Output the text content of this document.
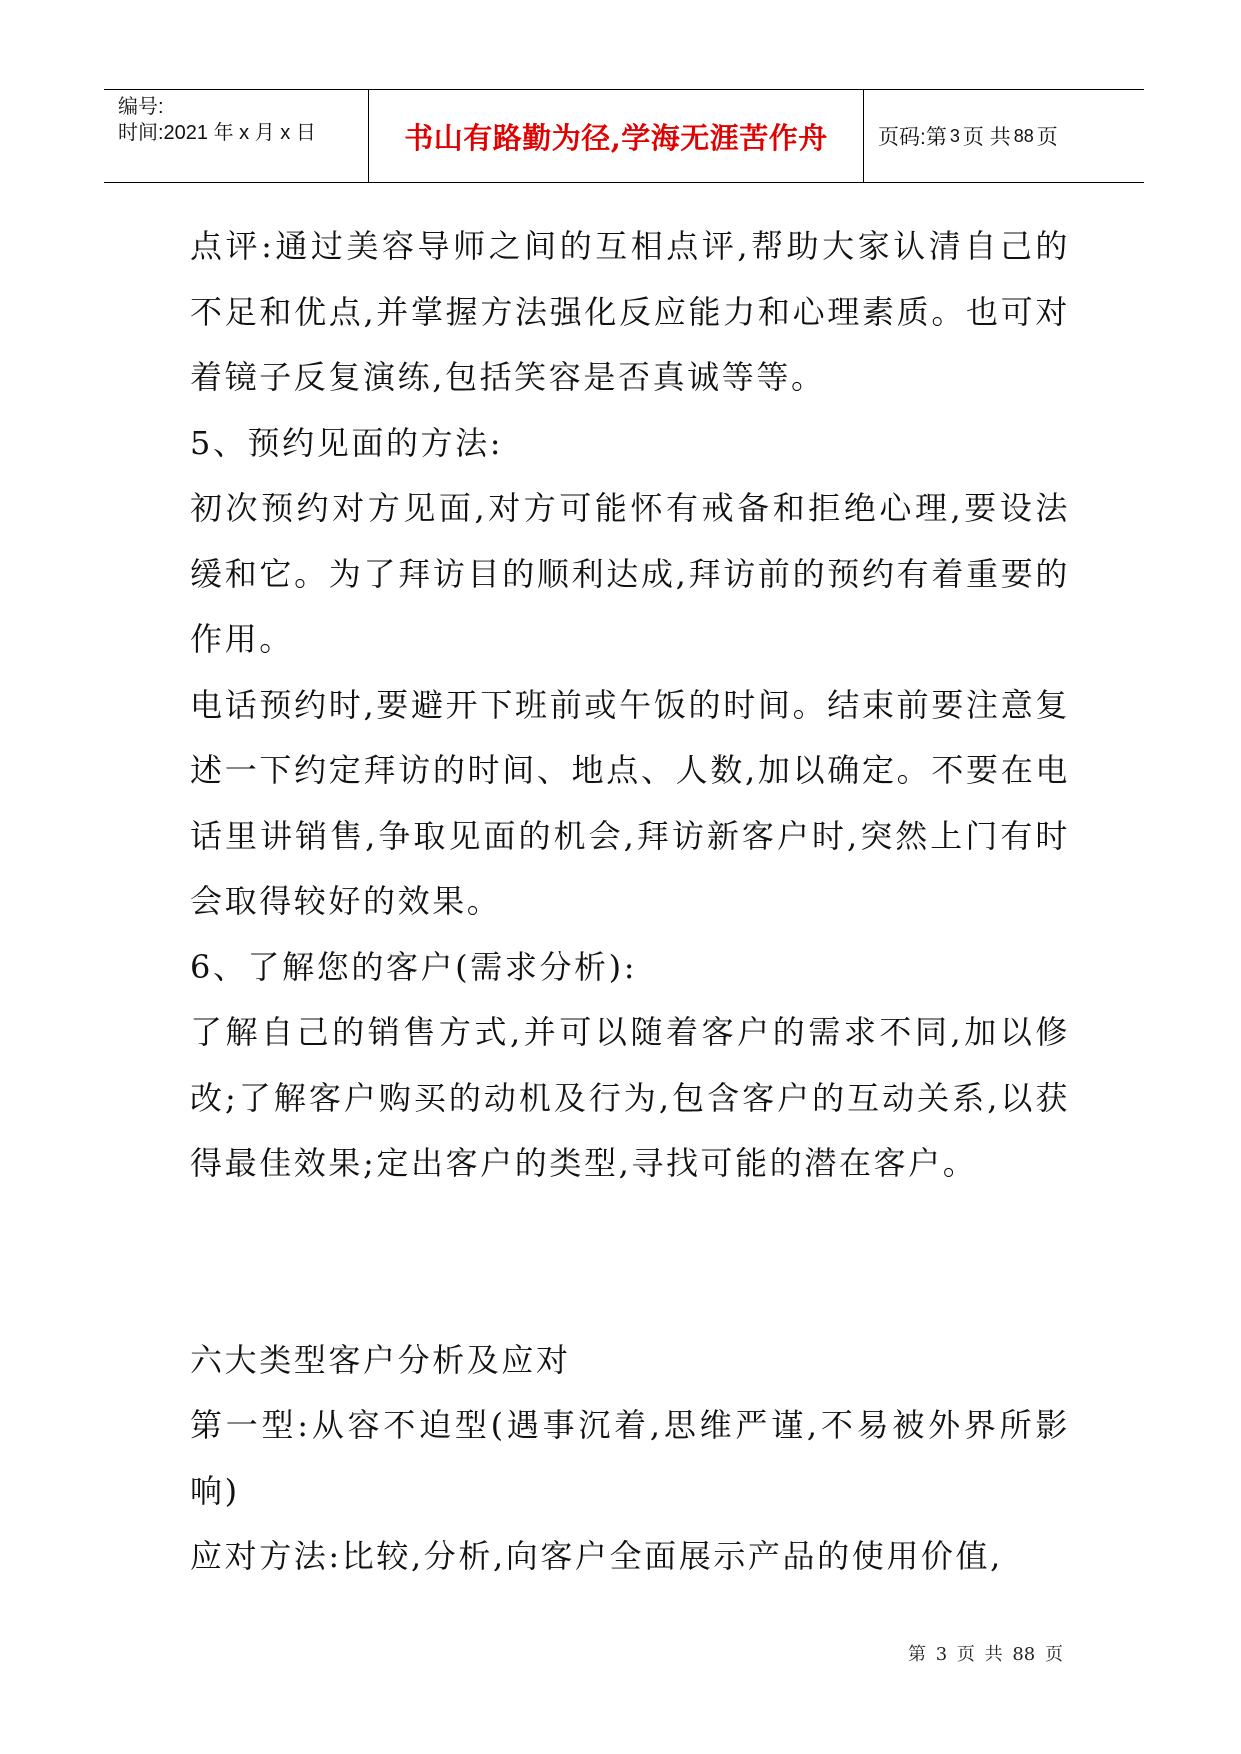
编号:
时间:2021 年 x 月 x 日	书山有路勤为径,学海无涯苦作舟 页码:第 3 页 共 88 页

点评:通过美容导师之间的互相点评,帮助大家认清自己的不足和优点,并掌握方法强化反应能力和心理素质。也可对着镜子反复演练,包括笑容是否真诚等等。

5、预约见面的方法:

初次预约对方见面,对方可能怀有戒备和拒绝心理,要设法缓和它。为了拜访目的顺利达成,拜访前的预约有着重要的作用。

电话预约时,要避开下班前或午饭的时间。结束前要注意复述一下约定拜访的时间、地点、人数,加以确定。不要在电话里讲销售,争取见面的机会,拜访新客户时,突然上门有时会取得较好的效果。

6、了解您的客户(需求分析):

了解自己的销售方式,并可以随着客户的需求不同,加以修改;了解客户购买的动机及行为,包含客户的互动关系,以获得最佳效果;定出客户的类型,寻找可能的潜在客户。

六大类型客户分析及应对

第一型:从容不迫型(遇事沉着,思维严谨,不易被外界所影响)

应对方法:比较,分析,向客户全面展示产品的使用价值,

第 3 页 共 88 页
